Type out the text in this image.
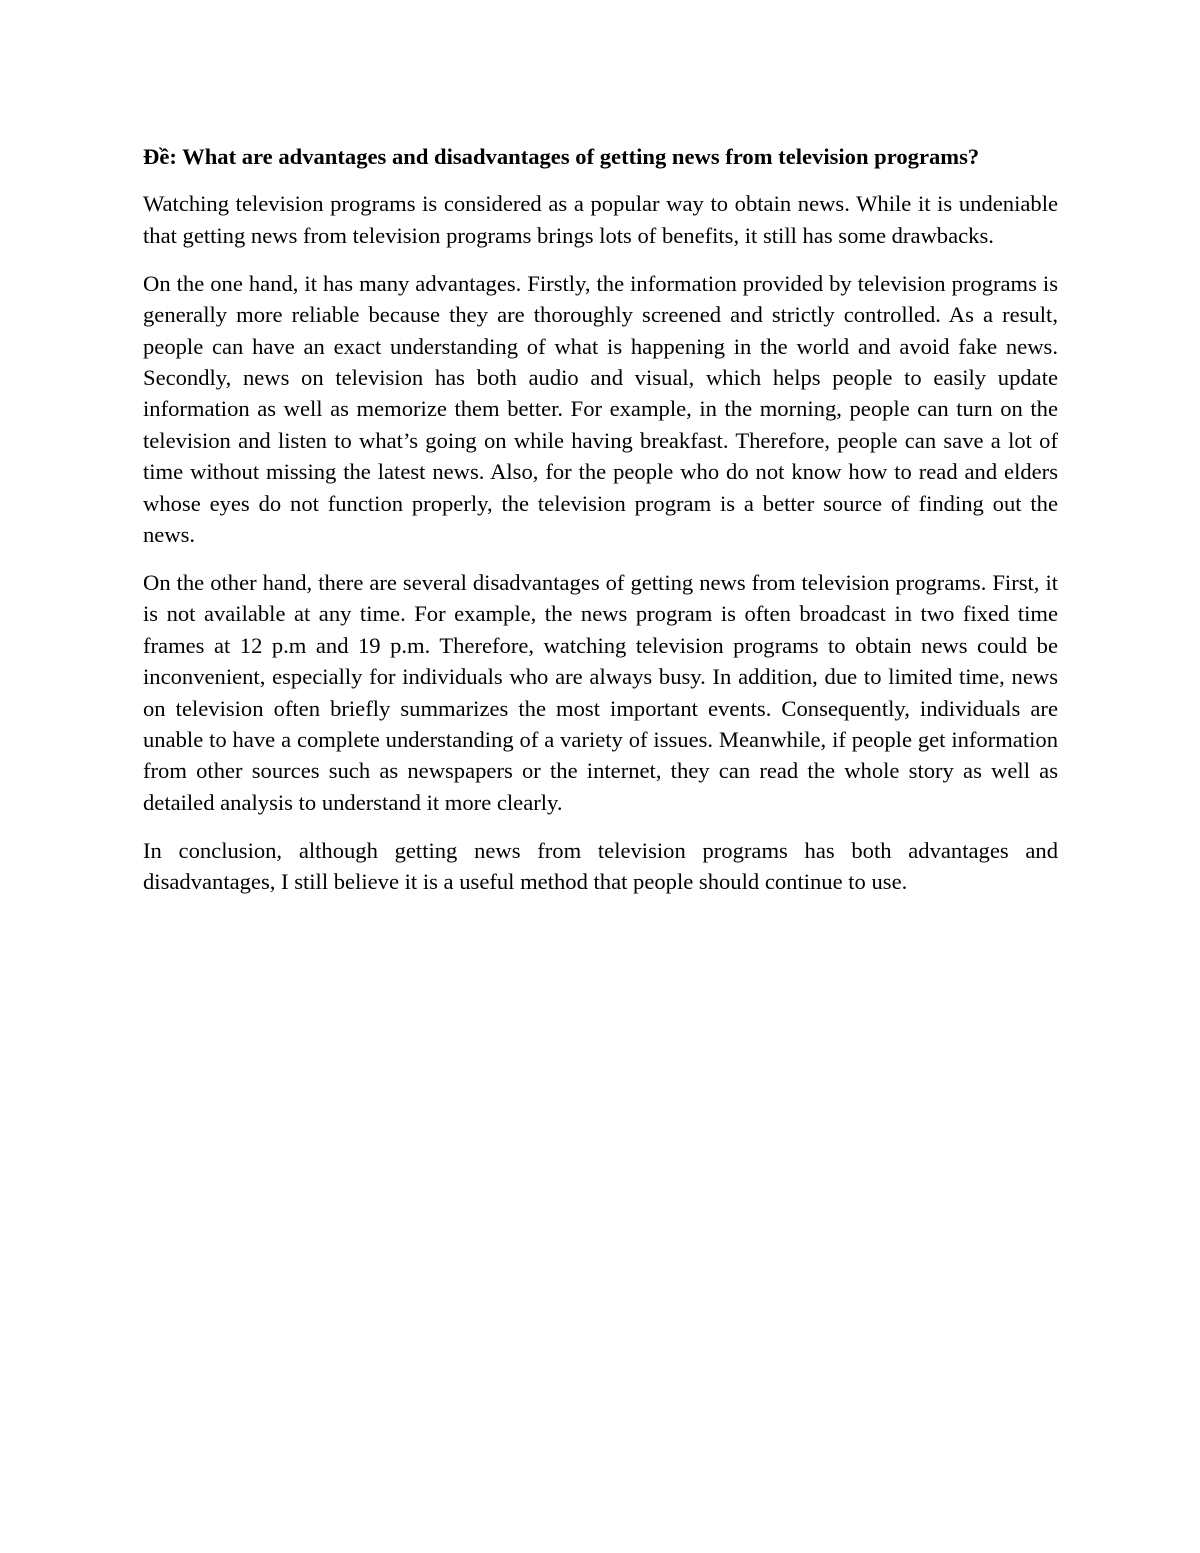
Đề: What are advantages and disadvantages of getting news from television programs?

Watching television programs is considered as a popular way to obtain news. While it is undeniable that getting news from television programs brings lots of benefits, it still has some drawbacks.

On the one hand, it has many advantages. Firstly, the information provided by television programs is generally more reliable because they are thoroughly screened and strictly controlled. As a result, people can have an exact understanding of what is happening in the world and avoid fake news. Secondly, news on television has both audio and visual, which helps people to easily update information as well as memorize them better. For example, in the morning, people can turn on the television and listen to what’s going on while having breakfast. Therefore, people can save a lot of time without missing the latest news. Also, for the people who do not know how to read and elders whose eyes do not function properly, the television program is a better source of finding out the news.

On the other hand, there are several disadvantages of getting news from television programs. First, it is not available at any time. For example, the news program is often broadcast in two fixed time frames at 12 p.m and 19 p.m. Therefore, watching television programs to obtain news could be inconvenient, especially for individuals who are always busy. In addition, due to limited time, news on television often briefly summarizes the most important events. Consequently, individuals are unable to have a complete understanding of a variety of issues. Meanwhile, if people get information from other sources such as newspapers or the internet, they can read the whole story as well as detailed analysis to understand it more clearly.

In conclusion, although getting news from television programs has both advantages and disadvantages, I still believe it is a useful method that people should continue to use.
